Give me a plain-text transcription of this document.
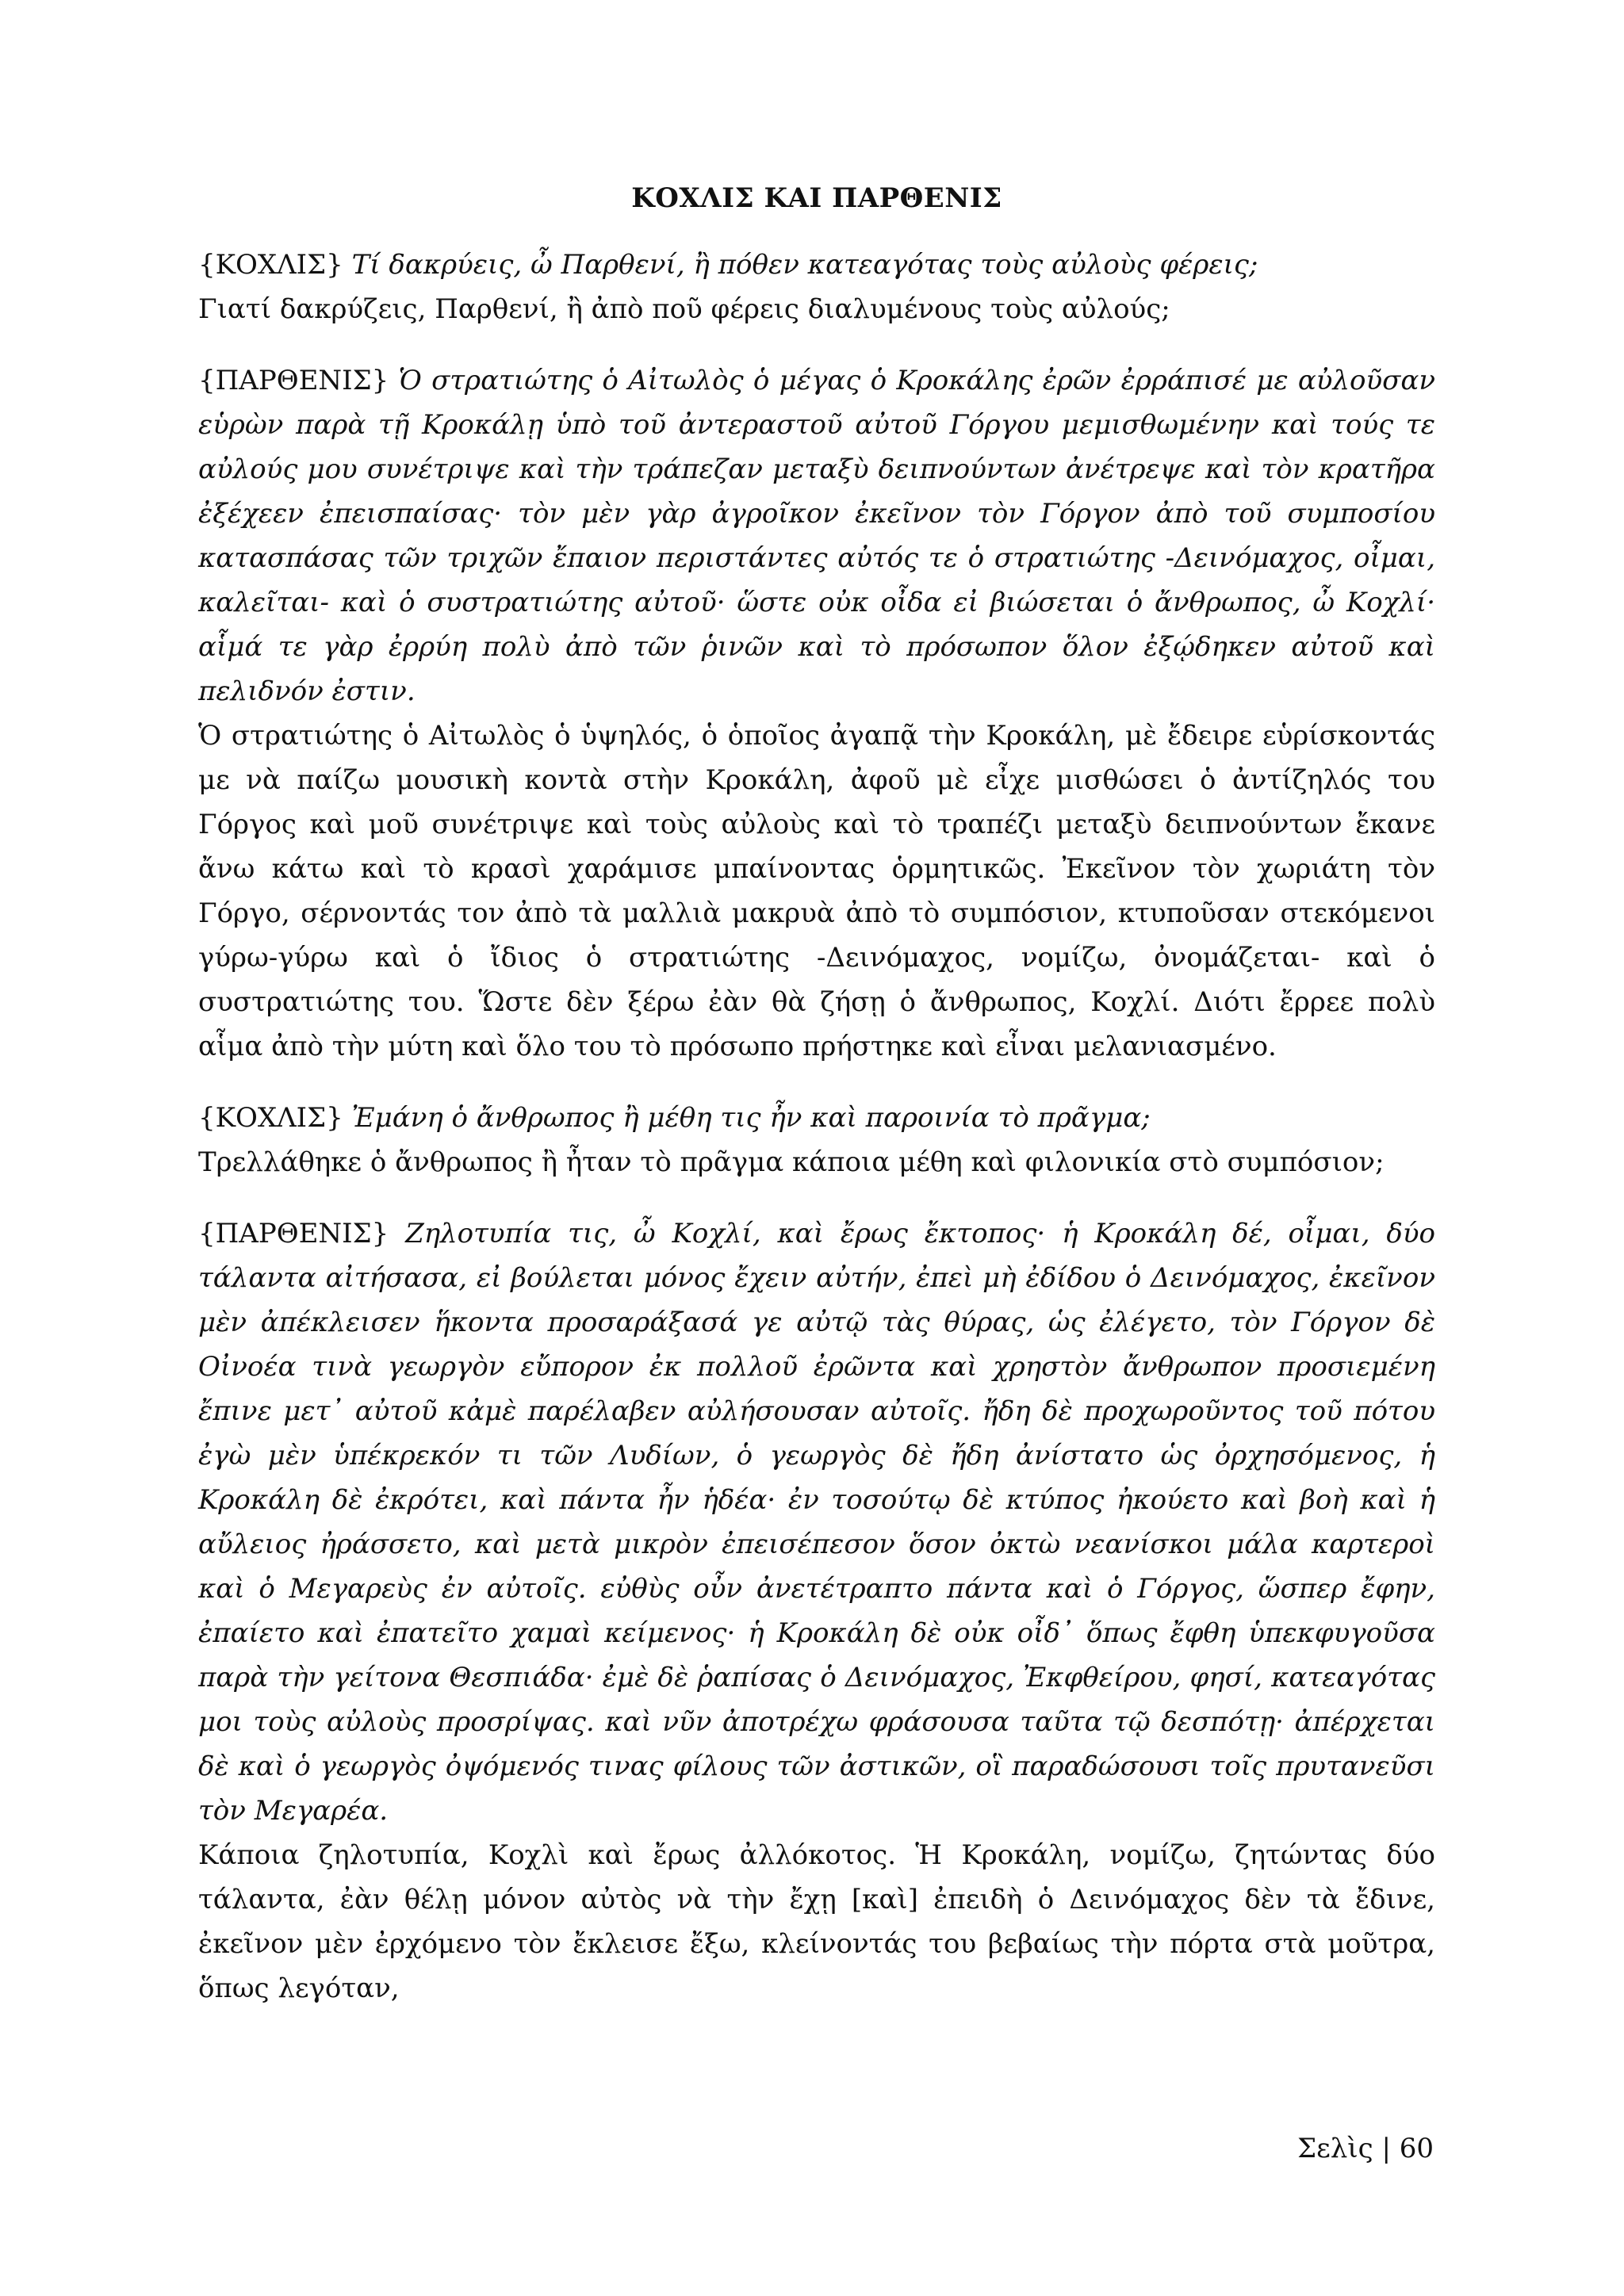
ΚΟΧΛΙΣ ΚΑΙ ΠΑΡΘΕΝΙΣ

{ΚΟΧΛΙΣ} Τί δακρύεις, ὦ Παρθενί, ἢ πόθεν κατεαγότας τοὺς αὐλοὺς φέρεις;

Γιατί δακρύζεις, Παρθενί, ἢ ἀπὸ ποῦ φέρεις διαλυμένους τοὺς αὐλούς;

{ΠΑΡΘΕΝΙΣ} Ὁ στρατιώτης ὁ Αἰτωλὸς ὁ μέγας ὁ Κροκάλης ἐρῶν ἐρράπισέ με αὐλοῦσαν εὑρὼν παρὰ τῇ Κροκάλῃ ὑπὸ τοῦ ἀντεραστοῦ αὐτοῦ Γόργου μεμισθωμένην καὶ τούς τε αὐλούς μου συνέτριψε καὶ τὴν τράπεζαν μεταξὺ δειπνούντων ἀνέτρεψε καὶ τὸν κρατῆρα ἐξέχεεν ἐπεισπαίσας· τὸν μὲν γὰρ ἀγροῖκον ἐκεῖνον τὸν Γόργον ἀπὸ τοῦ συμποσίου κατασπάσας τῶν τριχῶν ἔπαιον περιστάντες αὐτός τε ὁ στρατιώτης -Δεινόμαχος, οἶμαι, καλεῖται- καὶ ὁ συστρατιώτης αὐτοῦ· ὥστε οὐκ οἶδα εἰ βιώσεται ὁ ἄνθρωπος, ὦ Κοχλί· αἷμά τε γὰρ ἐρρύη πολὺ ἀπὸ τῶν ῥινῶν καὶ τὸ πρόσωπον ὅλον ἐξῴδηκεν αὐτοῦ καὶ πελιδνόν ἐστιν.

Ὁ στρατιώτης ὁ Αἰτωλὸς ὁ ὑψηλός, ὁ ὁποῖος ἀγαπᾷ τὴν Κροκάλη, μὲ ἔδειρε εὑρίσκοντάς με νὰ παίζω μουσικὴ κοντὰ στὴν Κροκάλη, ἀφοῦ μὲ εἶχε μισθώσει ὁ ἀντίζηλός του Γόργος καὶ μοῦ συνέτριψε καὶ τοὺς αὐλοὺς καὶ τὸ τραπέζι μεταξὺ δειπνούντων ἔκανε ἄνω κάτω καὶ τὸ κρασὶ χαράμισε μπαίνοντας ὁρμητικῶς. Ἐκεῖνον τὸν χωριάτη τὸν Γόργο, σέρνοντάς τον ἀπὸ τὰ μαλλιὰ μακρυὰ ἀπὸ τὸ συμπόσιον, κτυποῦσαν στεκόμενοι γύρω-γύρω καὶ ὁ ἴδιος ὁ στρατιώτης -Δεινόμαχος, νομίζω, ὀνομάζεται- καὶ ὁ συστρατιώτης του. Ὥστε δὲν ξέρω ἐὰν θὰ ζήσῃ ὁ ἄνθρωπος, Κοχλί. Διότι ἔρρεε πολὺ αἷμα ἀπὸ τὴν μύτη καὶ ὅλο του τὸ πρόσωπο πρήστηκε καὶ εἶναι μελανιασμένο.

{ΚΟΧΛΙΣ} Ἐμάνη ὁ ἄνθρωπος ἢ μέθη τις ἦν καὶ παροινία τὸ πρᾶγμα;

Τρελλάθηκε ὁ ἄνθρωπος ἢ ἦταν τὸ πρᾶγμα κάποια μέθη καὶ φιλονικία στὸ συμπόσιον;

{ΠΑΡΘΕΝΙΣ} Ζηλοτυπία τις, ὦ Κοχλί, καὶ ἔρως ἔκτοπος· ἡ Κροκάλη δέ, οἶμαι, δύο τάλαντα αἰτήσασα, εἰ βούλεται μόνος ἔχειν αὐτήν, ἐπεὶ μὴ ἐδίδου ὁ Δεινόμαχος, ἐκεῖνον μὲν ἀπέκλεισεν ἥκοντα προσαράξασά γε αὐτῷ τὰς θύρας, ὡς ἐλέγετο, τὸν Γόργον δὲ Οἰνοέα τινὰ γεωργὸν εὔπορον ἐκ πολλοῦ ἐρῶντα καὶ χρηστὸν ἄνθρωπον προσιεμένη ἔπινε μετ᾽ αὐτοῦ κἀμὲ παρέλαβεν αὐλήσουσαν αὐτοῖς. ἤδη δὲ προχωροῦντος τοῦ πότου ἐγὼ μὲν ὑπέκρεκόν τι τῶν Λυδίων, ὁ γεωργὸς δὲ ἤδη ἀνίστατο ὡς ὀρχησόμενος, ἡ Κροκάλη δὲ ἐκρότει, καὶ πάντα ἦν ἡδέα· ἐν τοσούτῳ δὲ κτύπος ἠκούετο καὶ βοὴ καὶ ἡ αὔλειος ἠράσσετο, καὶ μετὰ μικρὸν ἐπεισέπεσον ὅσον ὀκτὼ νεανίσκοι μάλα καρτεροὶ καὶ ὁ Μεγαρεὺς ἐν αὐτοῖς. εὐθὺς οὖν ἀνετέτραπτο πάντα καὶ ὁ Γόργος, ὥσπερ ἔφην, ἐπαίετο καὶ ἐπατεῖτο χαμαὶ κείμενος· ἡ Κροκάλη δὲ οὐκ οἶδ᾽ ὅπως ἔφθη ὑπεκφυγοῦσα παρὰ τὴν γείτονα Θεσπιάδα· ἐμὲ δὲ ῥαπίσας ὁ Δεινόμαχος, Ἐκφθείρου, φησί, κατεαγότας μοι τοὺς αὐλοὺς προσρίψας. καὶ νῦν ἀποτρέχω φράσουσα ταῦτα τῷ δεσπότῃ· ἀπέρχεται δὲ καὶ ὁ γεωργὸς ὀψόμενός τινας φίλους τῶν ἀστικῶν, οἳ παραδώσουσι τοῖς πρυτανεῦσι τὸν Μεγαρέα.

Κάποια ζηλοτυπία, Κοχλὶ καὶ ἔρως ἀλλόκοτος. Ἡ Κροκάλη, νομίζω, ζητώντας δύο τάλαντα, ἐὰν θέλῃ μόνον αὐτὸς νὰ τὴν ἔχῃ [καὶ] ἐπειδὴ ὁ Δεινόμαχος δὲν τὰ ἔδινε, ἐκεῖνον μὲν ἐρχόμενο τὸν ἔκλεισε ἔξω, κλείνοντάς του βεβαίως τὴν πόρτα στὰ μοῦτρα, ὅπως λεγόταν,

Σελὶς | 60
